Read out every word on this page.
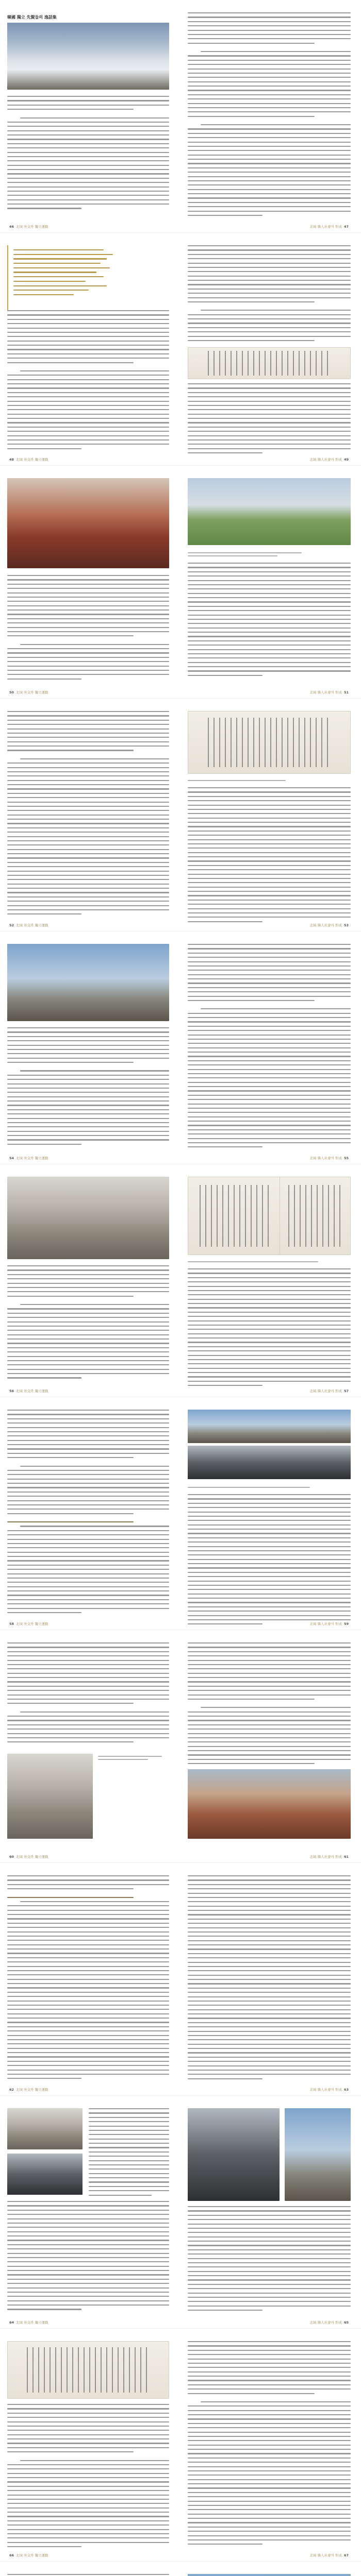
韓國 獨立 先賢들의 逸話集
46 北域 外交와 獨立運動	北域 韓人社會의 形成 47
48 北域 外交와 獨立運動	北域 韓人社會의 形成 49
50 北域 外交와 獨立運動	北域 韓人社會의 形成 51
52 北域 外交와 獨立運動	北域 韓人社會의 形成 53
54 北域 外交와 獨立運動	北域 韓人社會의 形成 55
56 北域 外交와 獨立運動	北域 韓人社會의 形成 57
58 北域 外交와 獨立運動	北域 韓人社會의 形成 59
60 北域 外交와 獨立運動	北域 韓人社會의 形成 61
62 北域 外交와 獨立運動	北域 韓人社會의 形成 63
64 北域 外交와 獨立運動	北域 韓人社會의 形成 65
66 北域 外交와 獨立運動	北域 韓人社會의 形成 67
